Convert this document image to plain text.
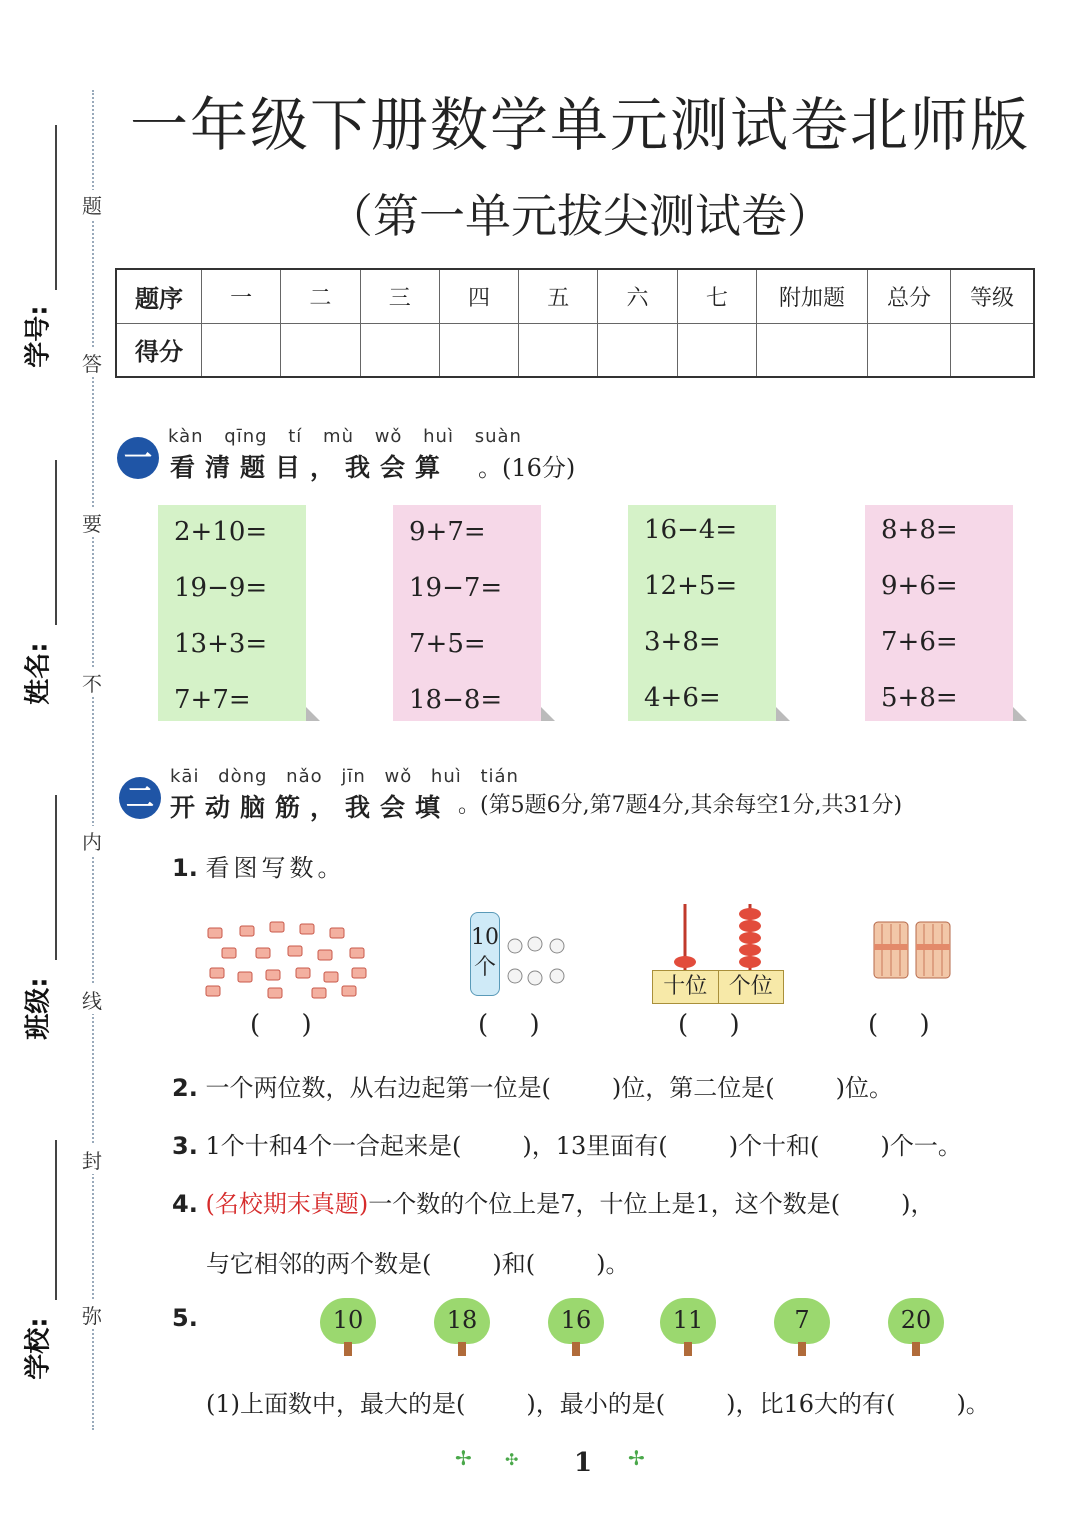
学号:
姓名:
班级:
学校:
题
答
要
不
内
线
封
弥
一年级下册数学单元测试卷北师版
（第一单元拔尖测试卷）
题序	一	二	三	四	五	六	七	附加题	总分	等级
得分										
一
kàn qīng tí mù wǒ huì suàn
看清题目，我会算 。(16分)
2+10=
19−9=
13+3=
7+7=
9+7=
19−7=
7+5=
18−8=
16−4=
12+5=
3+8=
4+6=
8+8=
9+6=
7+6=
5+8=
二
kāi dòng nǎo jīn wǒ huì tián
开动脑筋，我会填 。(第5题6分,第7题4分,其余每空1分,共31分)
1. 看图写数。
(     )
10
个
(     )
十位 个位
(     )	(     )
2. 一个两位数，从右边起第一位是(        )位，第二位是(        )位。
3. 1个十和4个一合起来是(        )，13里面有(        )个十和(        )个一。
4. (名校期末真题)一个数的个位上是7，十位上是1，这个数是(        )，
与它相邻的两个数是(        )和(        )。
5.	10	18	16	11	7	20
(1)上面数中，最大的是(        )，最小的是(        )，比16大的有(        )。
✢ ✣ 1 ✢
